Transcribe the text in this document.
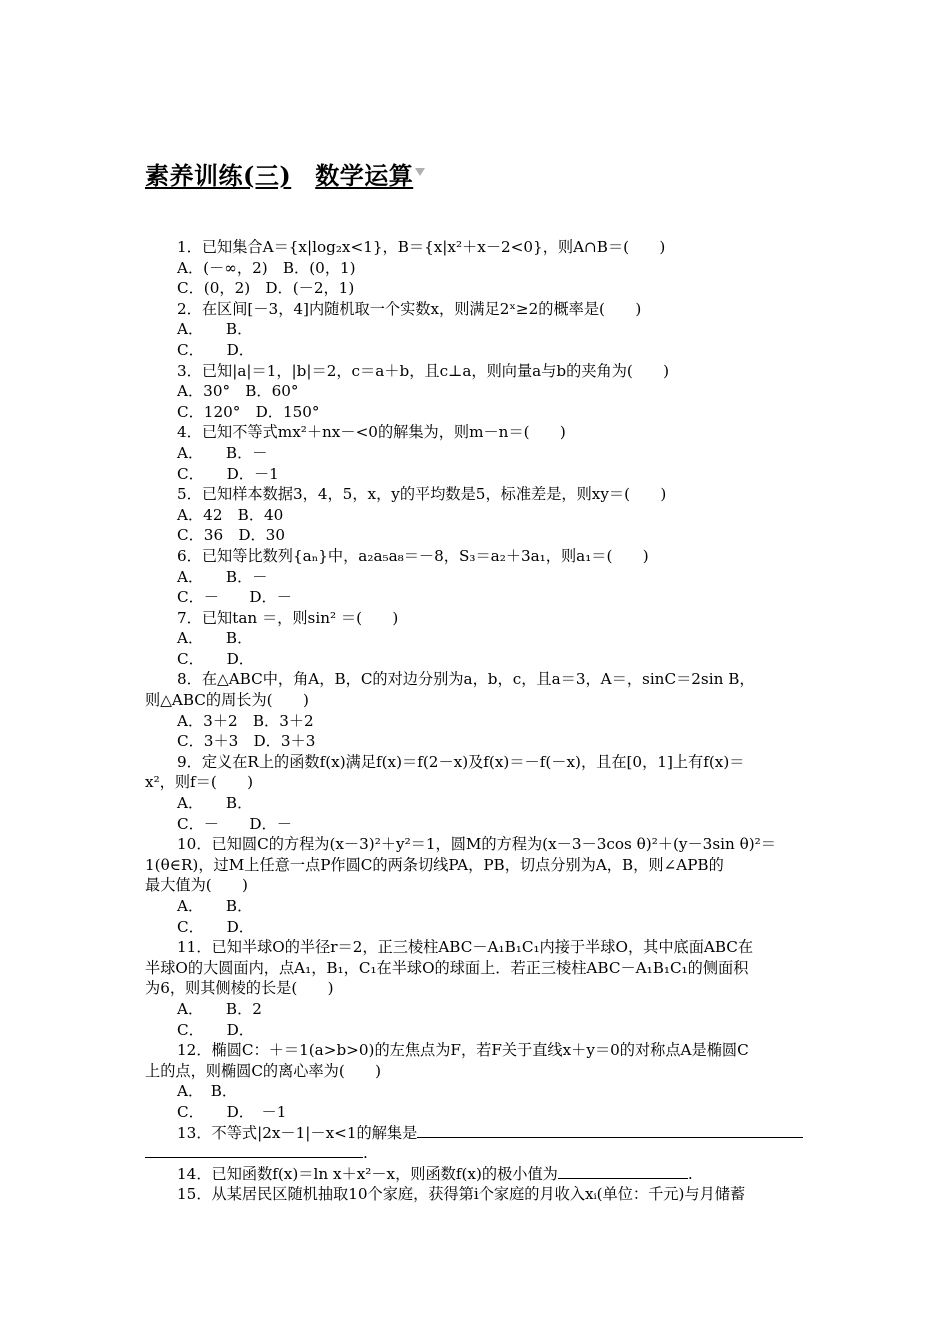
素养训练(三) 数学运算
1．已知集合A＝{x|log₂x<1}，B＝{x|x²＋x－2<0}，则A∩B＝(　　)
A．(－∞，2)　B．(0，1)
C．(0，2)　D．(－2，1)
2．在区间[－3，4]内随机取一个实数x，则满足2ˣ≥2的概率是(　　)
A．　　B．
C．　　D．
3．已知|a|＝1，|b|＝2，c＝a＋b，且c⊥a，则向量a与b的夹角为(　　)
A．30°　B．60°
C．120°　D．150°
4．已知不等式mx²＋nx－<0的解集为，则m－n＝(　　)
A．　　B．－
C．　　D．－1
5．已知样本数据3，4，5，x，y的平均数是5，标准差是，则xy＝(　　)
A．42　B．40
C．36　D．30
6．已知等比数列{aₙ}中，a₂a₅a₈＝－8，S₃＝a₂＋3a₁，则a₁＝(　　)
A．　　B．－
C．－　　D．－
7．已知tan ＝，则sin² ＝(　　)
A．　　B．
C．　　D．
8．在△ABC中，角A，B，C的对边分别为a，b，c，且a＝3，A＝，sinC＝2sin B，
则△ABC的周长为(　　)
A．3＋2　B．3＋2
C．3＋3　D．3＋3
9．定义在R上的函数f(x)满足f(x)＝f(2－x)及f(x)＝－f(－x)，且在[0，1]上有f(x)＝
x²，则f＝(　　)
A．　　B．
C．－　　D．－
10．已知圆C的方程为(x－3)²＋y²＝1，圆M的方程为(x－3－3cos θ)²＋(y－3sin θ)²＝
1(θ∈R)，过M上任意一点P作圆C的两条切线PA，PB，切点分别为A，B，则∠APB的
最大值为(　　)
A．　　B．
C．　　D．
11．已知半球O的半径r＝2，正三棱柱ABC－A₁B₁C₁内接于半球O，其中底面ABC在
半球O的大圆面内，点A₁，B₁，C₁在半球O的球面上．若正三棱柱ABC－A₁B₁C₁的侧面积
为6，则其侧棱的长是(　　)
A．　　B．2
C．　　D．
12．椭圆C：＋＝1(a>b>0)的左焦点为F，若F关于直线x＋y＝0的对称点A是椭圆C
上的点，则椭圆C的离心率为(　　)
A．　B．
C．　　D．　－1
13．不等式|2x－1|－x<1的解集是
.
14．已知函数f(x)＝ln x＋x²－x，则函数f(x)的极小值为	.
15．从某居民区随机抽取10个家庭，获得第i个家庭的月收入xᵢ(单位：千元)与月储蓄
